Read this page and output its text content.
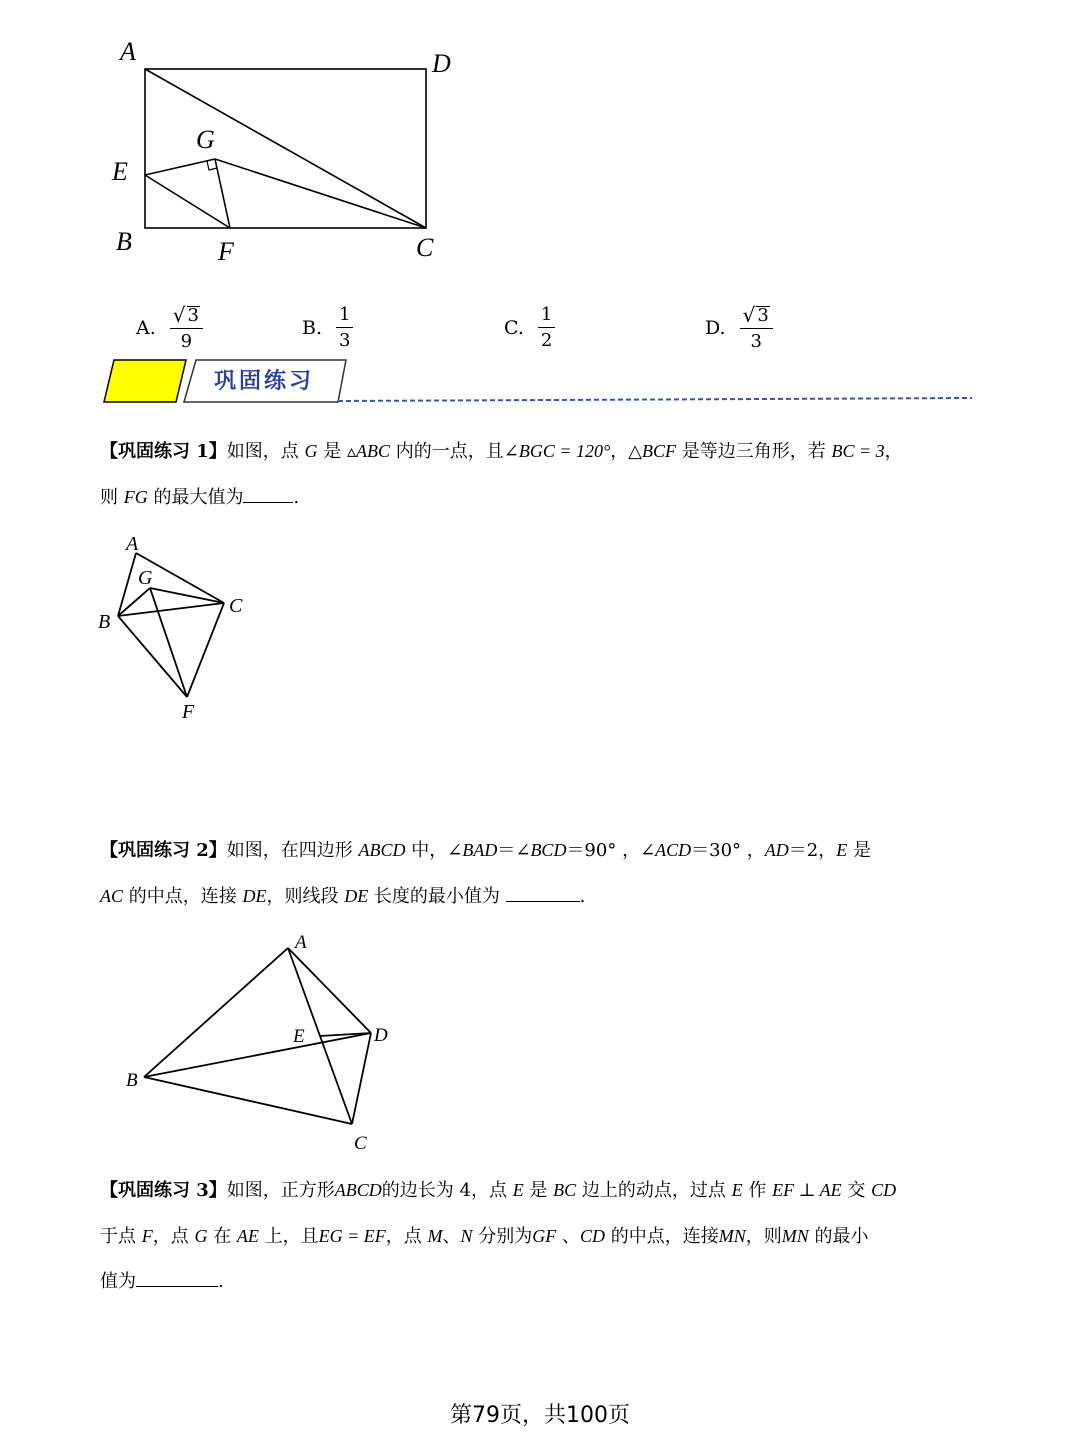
A	D
G
E
B	F	C
A. $\frac{√ 3}{9}$	B. $\frac{1}{3}$	C. $\frac{1}{2}$	D. $\frac{√ 3}{3}$
巩固练习
【巩固练习 1】如图，点 G 是 ▵ABC 内的一点，且∠BGC = 120°，△BCF 是等边三角形，若 BC = 3，
则 FG 的最大值为	.
A
G
B
C
F
【巩固练习 2】如图，在四边形 ABCD 中，∠BAD＝∠BCD＝90° ，∠ACD＝30° ，AD＝2，E 是
AC 的中点，连接 DE，则线段 DE 长度的最小值为	.
A
E	D
B
C
【巩固练习 3】如图，正方形ABCD的边长为 4，点 E 是 BC 边上的动点，过点 E 作 EF ⊥ AE 交 CD
于点 F，点 G 在 AE 上，且EG = EF，点 M、N 分别为GF 、CD 的中点，连接MN，则MN 的最小
值为	.
第79页，共100页
